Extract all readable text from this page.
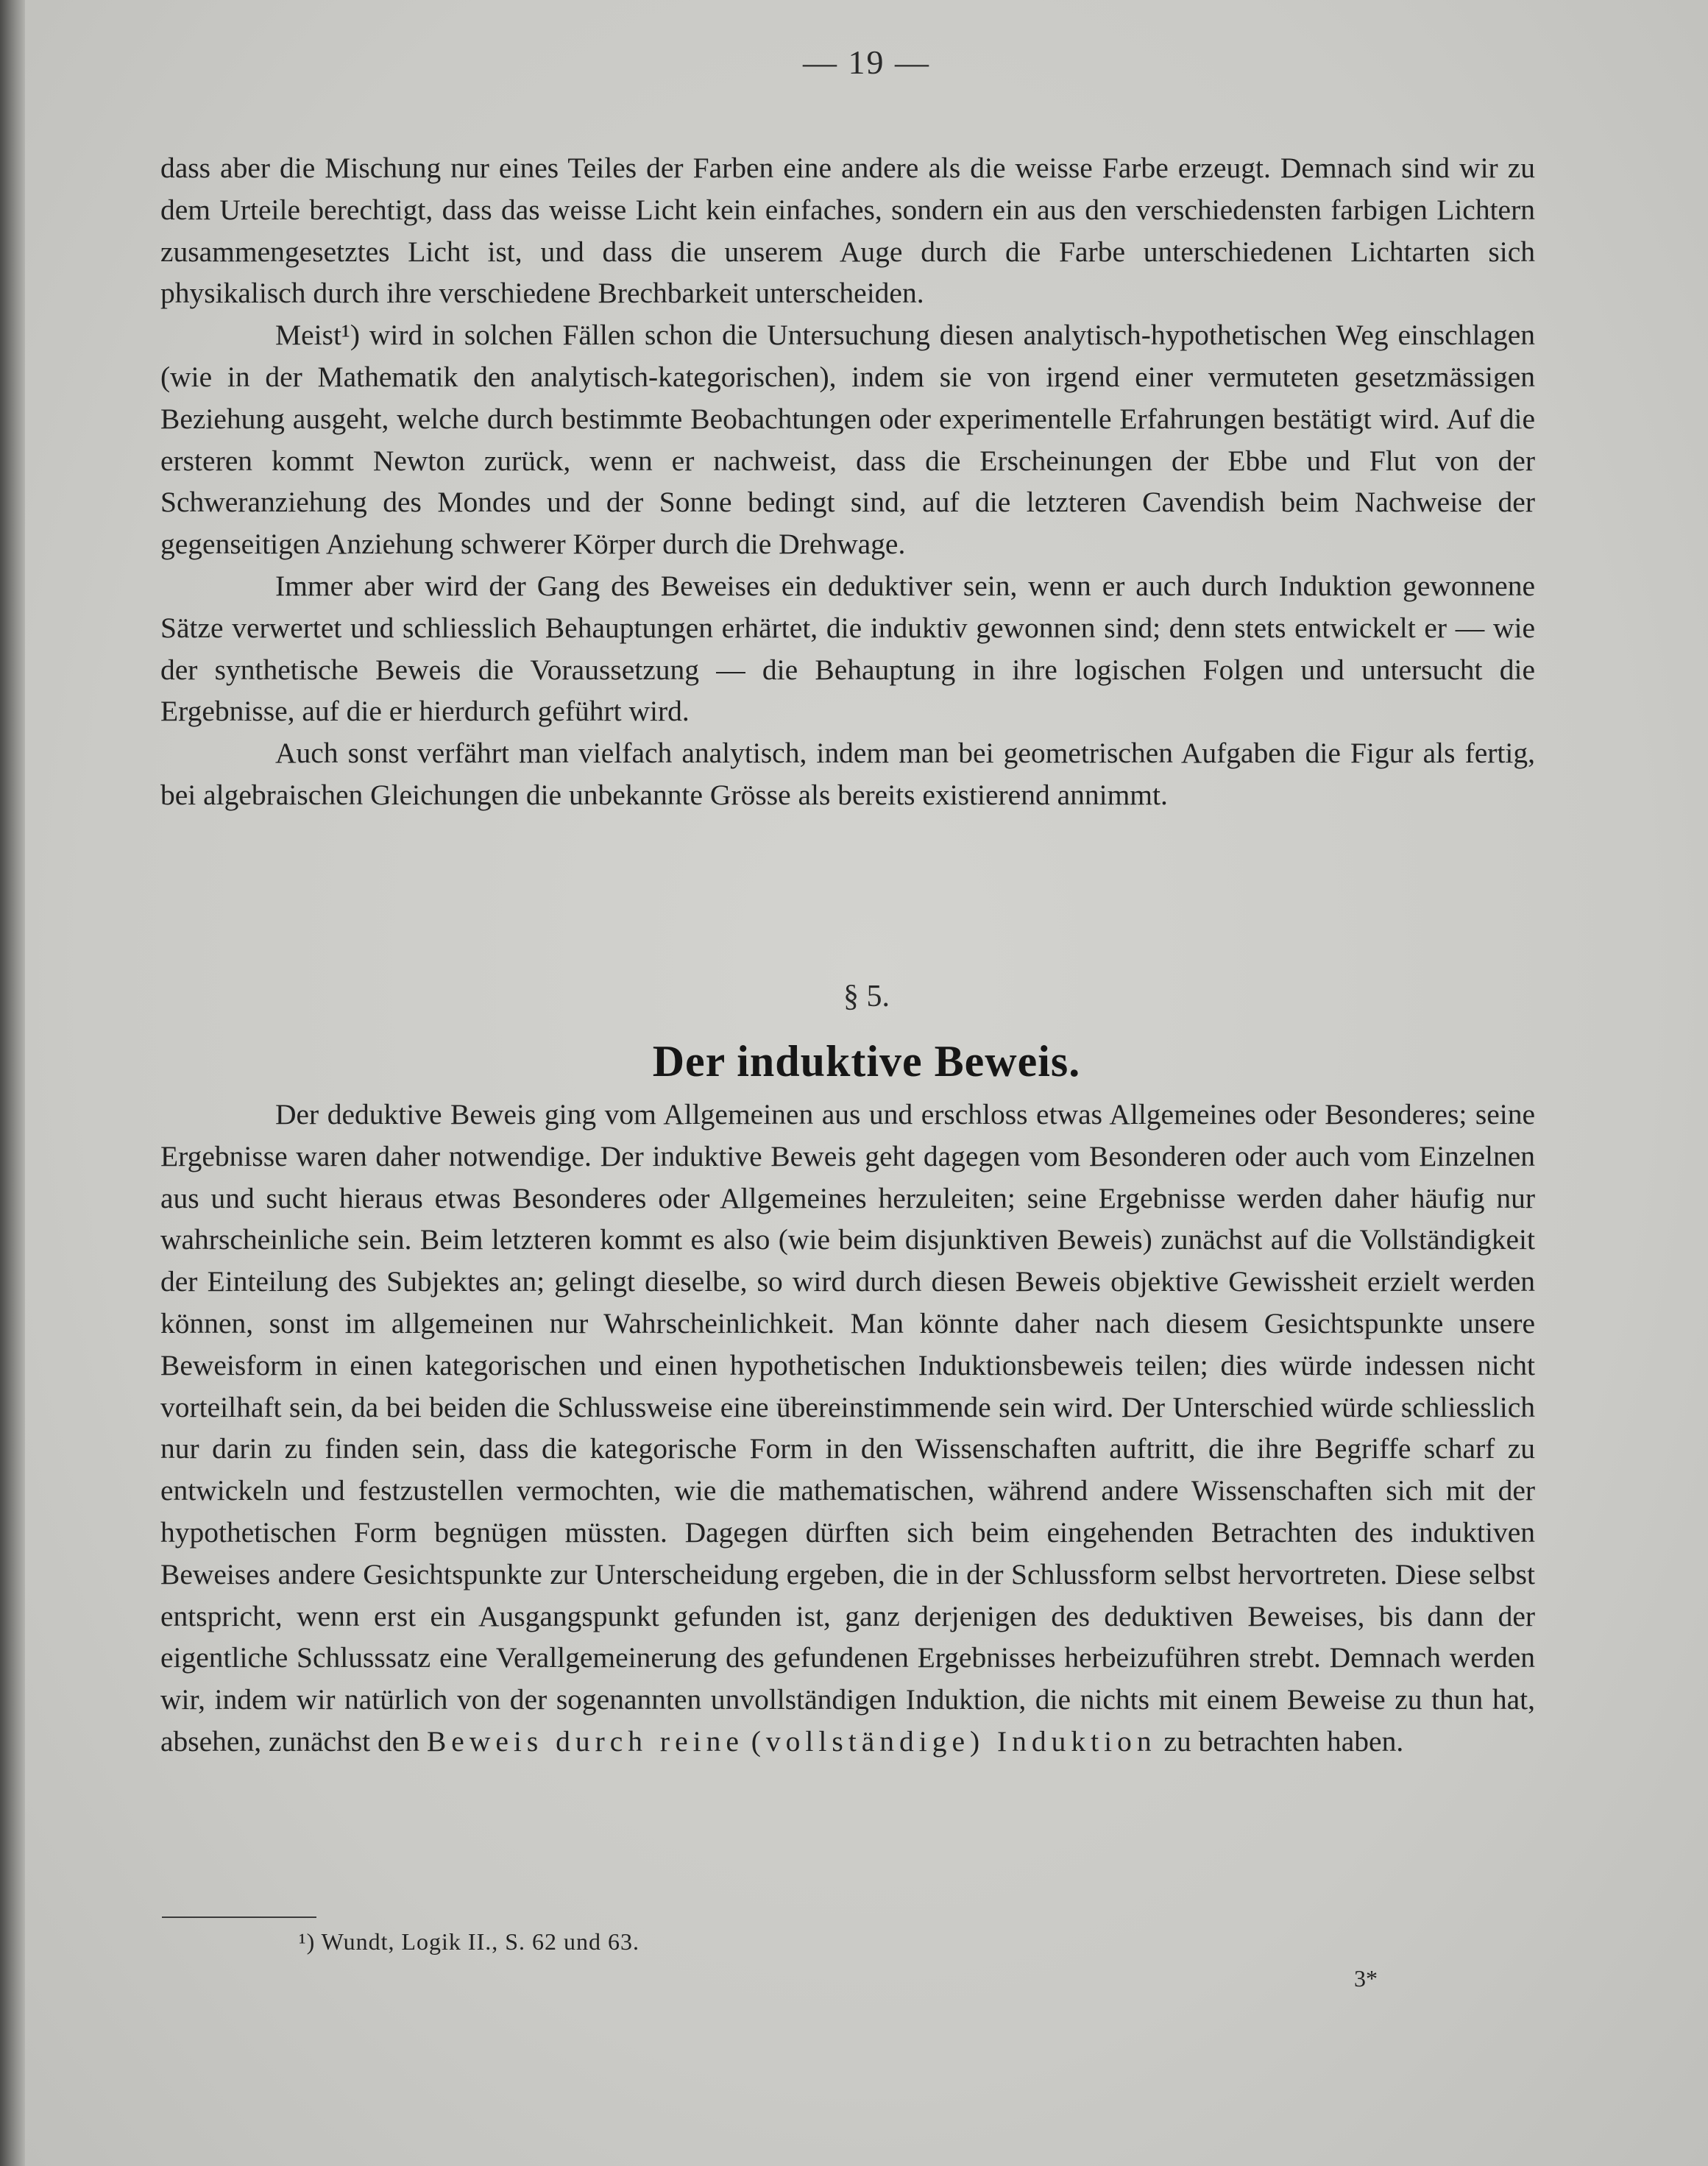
— 19 —

dass aber die Mischung nur eines Teiles der Farben eine andere als die weisse Farbe erzeugt. Demnach sind wir zu dem Urteile berechtigt, dass das weisse Licht kein einfaches, sondern ein aus den verschiedensten farbigen Lichtern zusammengesetztes Licht ist, und dass die unserem Auge durch die Farbe unterschiedenen Lichtarten sich physikalisch durch ihre verschiedene Brechbarkeit unterscheiden.

Meist¹) wird in solchen Fällen schon die Untersuchung diesen analytisch-hypothetischen Weg einschlagen (wie in der Mathematik den analytisch-kategorischen), indem sie von irgend einer vermuteten gesetzmässigen Beziehung ausgeht, welche durch bestimmte Beobachtungen oder experimentelle Erfahrungen bestätigt wird. Auf die ersteren kommt Newton zurück, wenn er nachweist, dass die Erscheinungen der Ebbe und Flut von der Schweranziehung des Mondes und der Sonne bedingt sind, auf die letzteren Cavendish beim Nachweise der gegenseitigen Anziehung schwerer Körper durch die Drehwage.

Immer aber wird der Gang des Beweises ein deduktiver sein, wenn er auch durch Induktion gewonnene Sätze verwertet und schliesslich Behauptungen erhärtet, die induktiv gewonnen sind; denn stets entwickelt er — wie der synthetische Beweis die Voraussetzung — die Behauptung in ihre logischen Folgen und untersucht die Ergebnisse, auf die er hierdurch geführt wird.

Auch sonst verfährt man vielfach analytisch, indem man bei geometrischen Aufgaben die Figur als fertig, bei algebraischen Gleichungen die unbekannte Grösse als bereits existierend annimmt.

§ 5.
Der induktive Beweis.

Der deduktive Beweis ging vom Allgemeinen aus und erschloss etwas Allgemeines oder Besonderes; seine Ergebnisse waren daher notwendige. Der induktive Beweis geht dagegen vom Besonderen oder auch vom Einzelnen aus und sucht hieraus etwas Besonderes oder Allgemeines herzuleiten; seine Ergebnisse werden daher häufig nur wahrscheinliche sein. Beim letzteren kommt es also (wie beim disjunktiven Beweis) zunächst auf die Vollständigkeit der Einteilung des Subjektes an; gelingt dieselbe, so wird durch diesen Beweis objektive Gewissheit erzielt werden können, sonst im allgemeinen nur Wahrscheinlichkeit. Man könnte daher nach diesem Gesichtspunkte unsere Beweisform in einen kategorischen und einen hypothetischen Induktionsbeweis teilen; dies würde indessen nicht vorteilhaft sein, da bei beiden die Schlussweise eine übereinstimmende sein wird. Der Unterschied würde schliesslich nur darin zu finden sein, dass die kategorische Form in den Wissenschaften auftritt, die ihre Begriffe scharf zu entwickeln und festzustellen vermochten, wie die mathematischen, während andere Wissenschaften sich mit der hypothetischen Form begnügen müssten. Dagegen dürften sich beim eingehenden Betrachten des induktiven Beweises andere Gesichtspunkte zur Unterscheidung ergeben, die in der Schlussform selbst hervortreten. Diese selbst entspricht, wenn erst ein Ausgangspunkt gefunden ist, ganz derjenigen des deduktiven Beweises, bis dann der eigentliche Schlusssatz eine Verallgemeinerung des gefundenen Ergebnisses herbeizuführen strebt. Demnach werden wir, indem wir natürlich von der sogenannten unvollständigen Induktion, die nichts mit einem Beweise zu thun hat, absehen, zunächst den Beweis durch reine (vollständige) Induktion zu betrachten haben.

¹) Wundt, Logik II., S. 62 und 63.
3*
